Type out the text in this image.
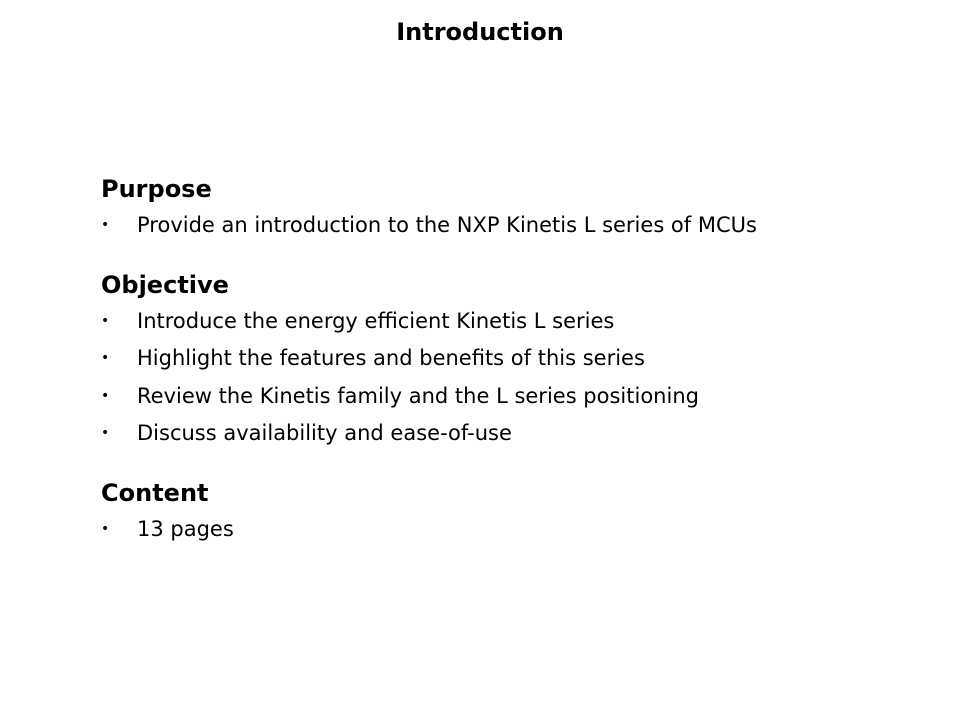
Introduction
Purpose
• Provide an introduction to the NXP Kinetis L series of MCUs
Objective
• Introduce the energy efficient Kinetis L series
• Highlight the features and benefits of this series
• Review the Kinetis family and the L series positioning
• Discuss availability and ease-of-use
Content
• 13 pages
